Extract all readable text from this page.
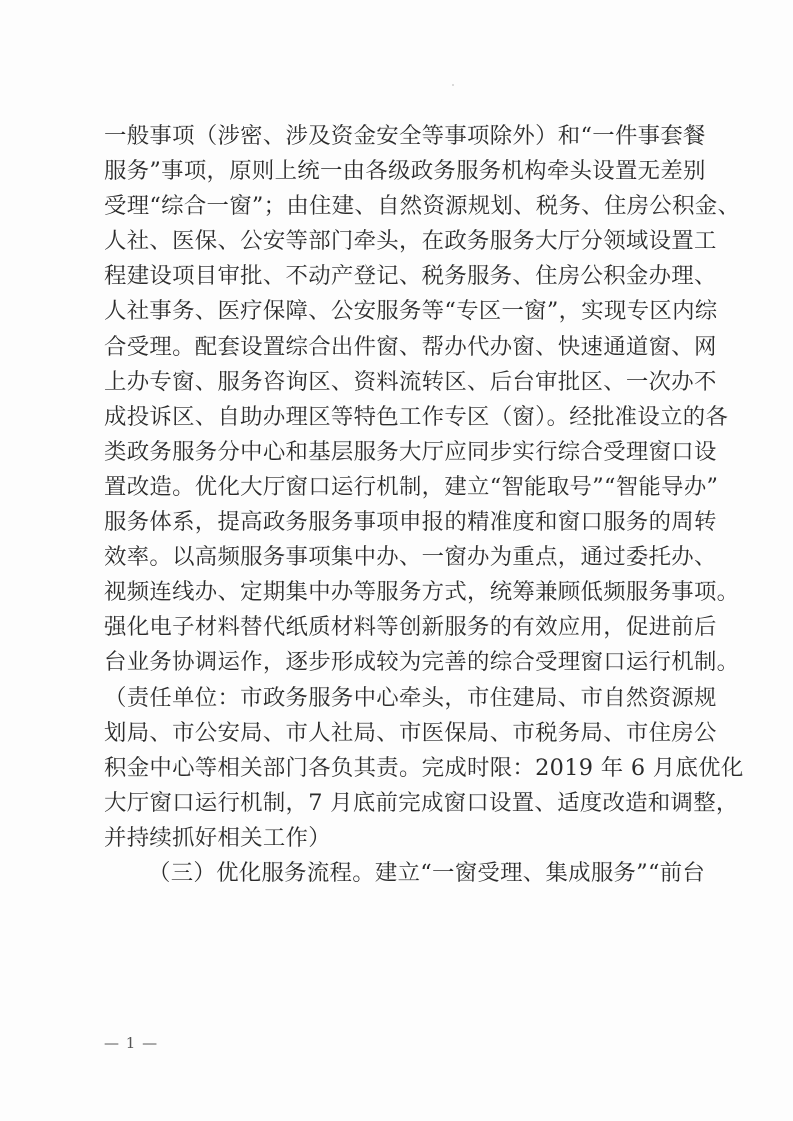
一般事项（涉密、涉及资金安全等事项除外）和“一件事套餐
服务”事项，原则上统一由各级政务服务机构牵头设置无差别
受理“综合一窗”；由住建、自然资源规划、税务、住房公积金、
人社、医保、公安等部门牵头，在政务服务大厅分领域设置工
程建设项目审批、不动产登记、税务服务、住房公积金办理、
人社事务、医疗保障、公安服务等“专区一窗”，实现专区内综
合受理。配套设置综合出件窗、帮办代办窗、快速通道窗、网
上办专窗、服务咨询区、资料流转区、后台审批区、一次办不
成投诉区、自助办理区等特色工作专区（窗）。经批准设立的各
类政务服务分中心和基层服务大厅应同步实行综合受理窗口设
置改造。优化大厅窗口运行机制，建立“智能取号”“智能导办”
服务体系，提高政务服务事项申报的精准度和窗口服务的周转
效率。以高频服务事项集中办、一窗办为重点，通过委托办、
视频连线办、定期集中办等服务方式，统筹兼顾低频服务事项。
强化电子材料替代纸质材料等创新服务的有效应用，促进前后
台业务协调运作，逐步形成较为完善的综合受理窗口运行机制。
（责任单位：市政务服务中心牵头，市住建局、市自然资源规
划局、市公安局、市人社局、市医保局、市税务局、市住房公
积金中心等相关部门各负其责。完成时限：2019 年 6 月底优化
大厅窗口运行机制，7 月底前完成窗口设置、适度改造和调整，
并持续抓好相关工作）
（三）优化服务流程。建立“一窗受理、集成服务”“前台
— 1 —
